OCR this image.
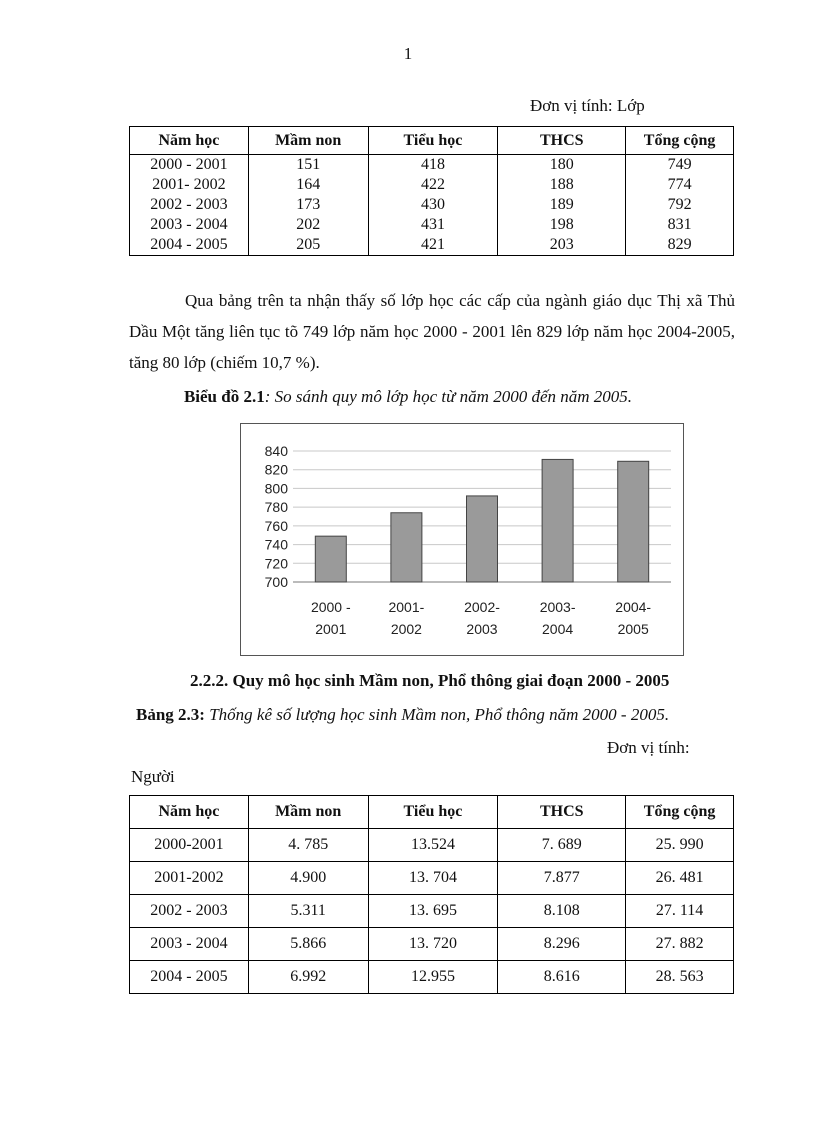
1
Đơn vị tính: Lớp
Năm học	Mầm non	Tiểu học	THCS	Tổng cộng
2000 - 2001	151	418	180	749
2001- 2002	164	422	188	774
2002 - 2003	173	430	189	792
2003 - 2004	202	431	198	831
2004 - 2005	205	421	203	829
Qua bảng trên ta nhận thấy số lớp học các cấp của ngành giáo dục Thị xã Thủ Dầu Một tăng liên tục tõ 749 lớp năm học 2000 - 2001 lên 829 lớp năm học 2004-2005, tăng 80 lớp (chiếm 10,7 %).
Biểu đồ 2.1: So sánh quy mô lớp học từ năm 2000 đến năm 2005.
700
720
740
760
780
800
820
840
2000 -
2001
2001-
2002
2002-
2003
2003-
2004
2004-
2005
2.2.2. Quy mô học sinh Mầm non, Phổ thông giai đoạn 2000 - 2005
Bảng 2.3: Thống kê số lượng học sinh Mầm non, Phổ thông năm 2000 - 2005.
Đơn vị tính:
Người
Năm học	Mầm non	Tiểu học	THCS	Tổng cộng
2000-2001	4. 785	13.524	7. 689	25. 990
2001-2002	4.900	13. 704	7.877	26. 481
2002 - 2003	5.311	13. 695	8.108	27. 114
2003 - 2004	5.866	13. 720	8.296	27. 882
2004 - 2005	6.992	12.955	8.616	28. 563
